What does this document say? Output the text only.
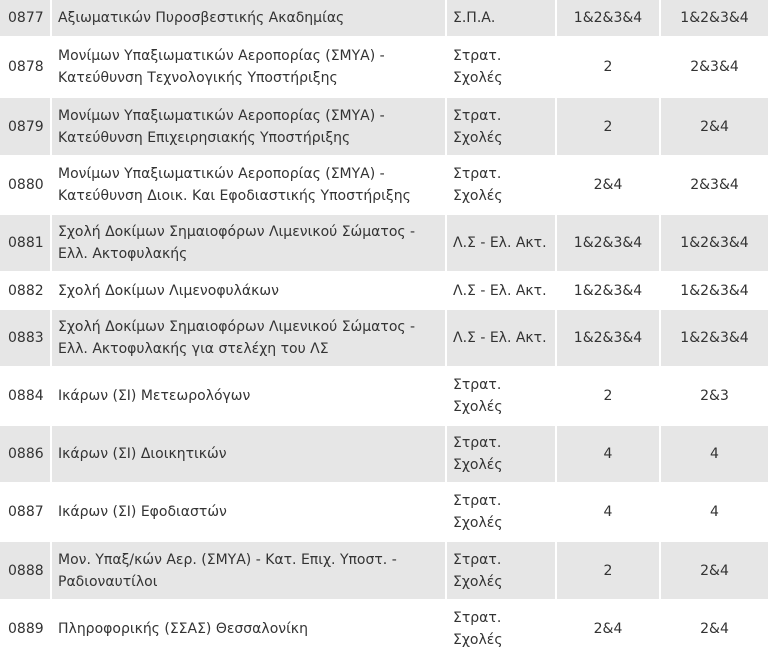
0877	Αξιωματικών Πυροσβεστικής Ακαδημίας	Σ.Π.Α.	1&2&3&4	1&2&3&4
0878	Μονίμων Υπαξιωματικών Αεροπορίας (ΣΜΥΑ) - Κατεύθυνση Τεχνολογικής Υποστήριξης	Στρατ. Σχολές	2	2&3&4
0879	Μονίμων Υπαξιωματικών Αεροπορίας (ΣΜΥΑ) - Κατεύθυνση Επιχειρησιακής Υποστήριξης	Στρατ. Σχολές	2	2&4
0880	Μονίμων Υπαξιωματικών Αεροπορίας (ΣΜΥΑ) - Κατεύθυνση Διοικ. Και Εφοδιαστικής Υποστήριξης	Στρατ. Σχολές	2&4	2&3&4
0881	Σχολή Δοκίμων Σημαιοφόρων Λιμενικού Σώματος - Ελλ. Ακτοφυλακής	Λ.Σ - Ελ. Ακτ.	1&2&3&4	1&2&3&4
0882	Σχολή Δοκίμων Λιμενοφυλάκων	Λ.Σ - Ελ. Ακτ.	1&2&3&4	1&2&3&4
0883	Σχολή Δοκίμων Σημαιοφόρων Λιμενικού Σώματος - Ελλ. Ακτοφυλακής για στελέχη του ΛΣ	Λ.Σ - Ελ. Ακτ.	1&2&3&4	1&2&3&4
0884	Ικάρων (ΣΙ) Μετεωρολόγων	Στρατ. Σχολές	2	2&3
0886	Ικάρων (ΣΙ) Διοικητικών	Στρατ. Σχολές	4	4
0887	Ικάρων (ΣΙ) Εφοδιαστών	Στρατ. Σχολές	4	4
0888	Μον. Υπαξ/κών Αερ. (ΣΜΥΑ) - Κατ. Επιχ. Υποστ. - Ραδιοναυτίλοι	Στρατ. Σχολές	2	2&4
0889	Πληροφορικής (ΣΣΑΣ) Θεσσαλονίκη	Στρατ. Σχολές	2&4	2&4
